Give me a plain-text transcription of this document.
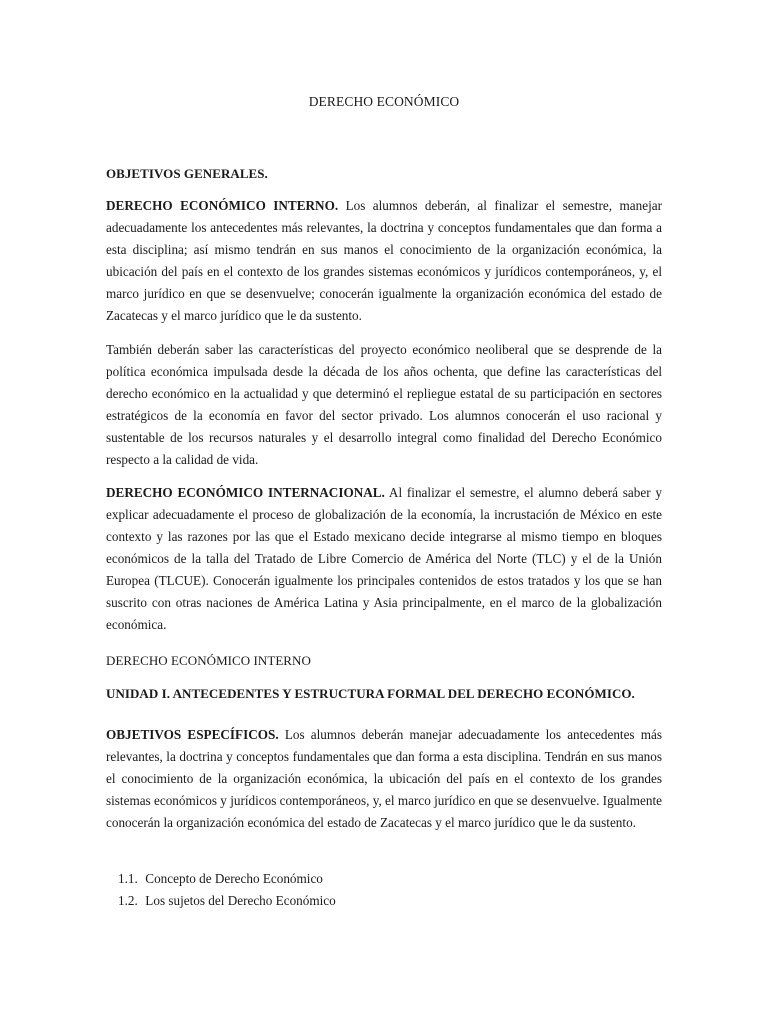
DERECHO ECONÓMICO
OBJETIVOS GENERALES.

DERECHO ECONÓMICO INTERNO. Los alumnos deberán, al finalizar el semestre, manejar adecuadamente los antecedentes más relevantes, la doctrina y conceptos fundamentales que dan forma a esta disciplina; así mismo tendrán en sus manos el conocimiento de la organización económica, la ubicación del país en el contexto de los grandes sistemas económicos y jurídicos contemporáneos, y, el marco jurídico en que se desenvuelve; conocerán igualmente la organización económica del estado de Zacatecas y el marco jurídico que le da sustento.

También deberán saber las características del proyecto económico neoliberal que se desprende de la política económica impulsada desde la década de los años ochenta, que define las características del derecho económico en la actualidad y que determinó el repliegue estatal de su participación en sectores estratégicos de la economía en favor del sector privado. Los alumnos conocerán el uso racional y sustentable de los recursos naturales y el desarrollo integral como finalidad del Derecho Económico respecto a la calidad de vida.

DERECHO ECONÓMICO INTERNACIONAL. Al finalizar el semestre, el alumno deberá saber y explicar adecuadamente el proceso de globalización de la economía, la incrustación de México en este contexto y las razones por las que el Estado mexicano decide integrarse al mismo tiempo en bloques económicos de la talla del Tratado de Libre Comercio de América del Norte (TLC) y el de la Unión Europea (TLCUE). Conocerán igualmente los principales contenidos de estos tratados y los que se han suscrito con otras naciones de América Latina y Asia principalmente, en el marco de la globalización económica.

DERECHO ECONÓMICO INTERNO
UNIDAD I. ANTECEDENTES Y ESTRUCTURA FORMAL DEL DERECHO ECONÓMICO.

OBJETIVOS ESPECÍFICOS. Los alumnos deberán manejar adecuadamente los antecedentes más relevantes, la doctrina y conceptos fundamentales que dan forma a esta disciplina. Tendrán en sus manos el conocimiento de la organización económica, la ubicación del país en el contexto de los grandes sistemas económicos y jurídicos contemporáneos, y, el marco jurídico en que se desenvuelve. Igualmente conocerán la organización económica del estado de Zacatecas y el marco jurídico que le da sustento.

1.1. Concepto de Derecho Económico
1.2. Los sujetos del Derecho Económico
